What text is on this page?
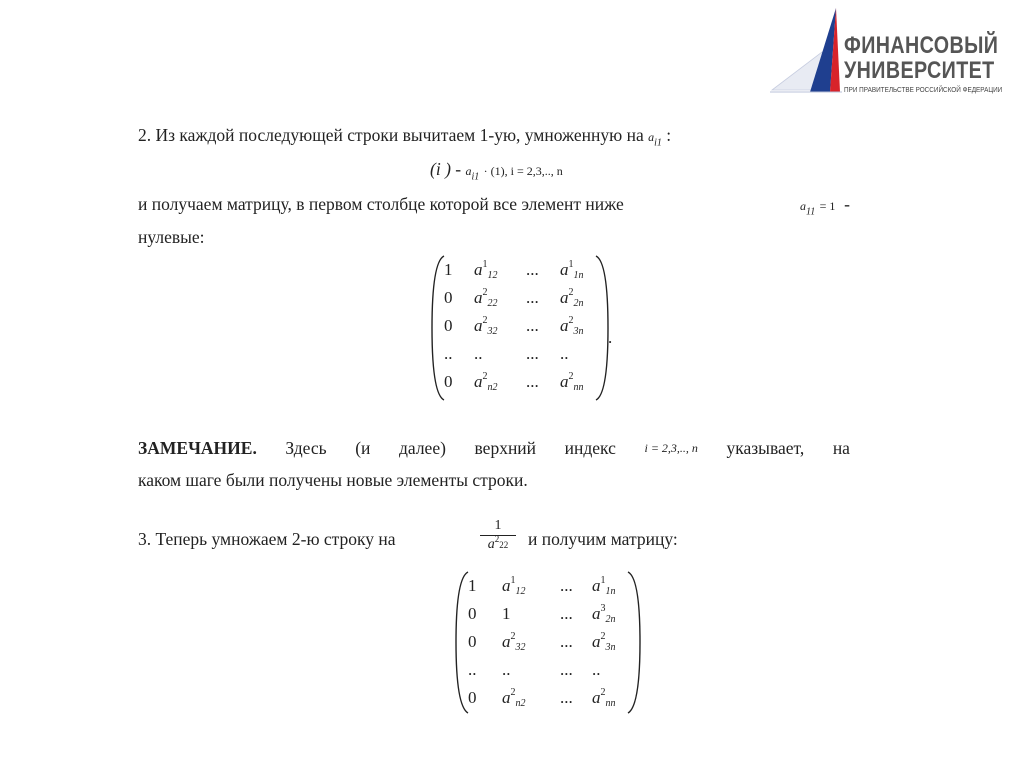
ФИНАНСОВЫЙ
УНИВЕРСИТЕТ
ПРИ ПРАВИТЕЛЬСТВЕ РОССИЙСКОЙ ФЕДЕРАЦИИ
2. Из каждой последующей строки вычитаем 1-ую, умноженную на $a_{i1}$ :
(i ) - $a_{i1} \cdot (1)$, i = 2,3,.., n
и получаем матрицу, в первом столбце которой все элемент ниже	$a_{11} = 1$ -
нулевые:
1 $a^112$ ... $a^11n$
0 $a^222$ ... $a^22n$
0 $a^232$ ... $a^23n$
.. ..	... ..
0 $a^2n2$ ... $a^2nn$
.
ЗАМЕЧАНИЕ. Здесь (и далее) верхний индекс i = 2,3,.., n указывает, на
каком шаге были получены новые элементы строки.
3. Теперь умножаем 2-ю строку на
1
$a^222$	и получим матрицу:
1 $a^112$ ... $a^11n$
0 1	... $a^32n$
0 $a^232$ ... $a^23n$
.. ..	... ..
0 $a^2n2$ ... $a^2nn$
